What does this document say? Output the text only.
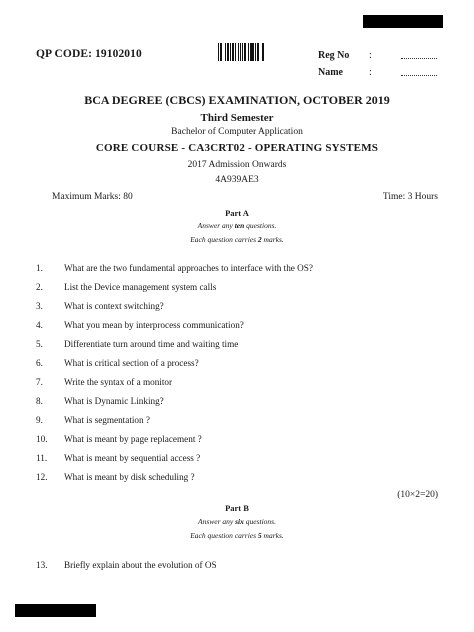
QP CODE: 19102010	Reg No :
Name	:
BCA DEGREE (CBCS) EXAMINATION, OCTOBER 2019
Third Semester
Bachelor of Computer Application
CORE COURSE - CA3CRT02 - OPERATING SYSTEMS
2017 Admission Onwards
4A939AE3
Maximum Marks: 80	Time: 3 Hours
Part A
Answer any ten questions.
Each question carries 2 marks.
1.	What are the two fundamental approaches to interface with the OS?
2.	List the Device management system calls
3.	What is context switching?
4.	What you mean by interprocess communication?
5.	Differentiate turn around time and waiting time
6.	What is critical section of a process?
7.	Write the syntax of a monitor
8.	What is Dynamic Linking?
9.	What is segmentation ?
10.	What is meant by page replacement ?
11.	What is meant by sequential access ?
12.	What is meant by disk scheduling ?
(10×2=20)
Part B
Answer any six questions.
Each question carries 5 marks.
13.	Briefly explain about the evolution of OS
